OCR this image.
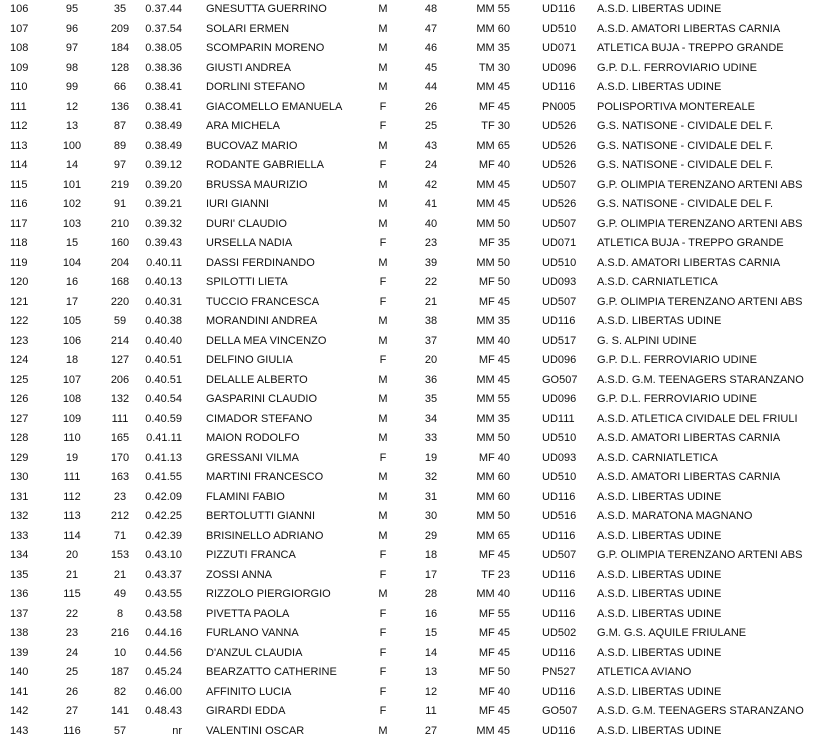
106	95	35	0.37.44 GNESUTTA GUERRINO	M	48	MM 55	UD116	A.S.D. LIBERTAS UDINE
107	96	209	0.37.54 SOLARI ERMEN	M	47	MM 60	UD510	A.S.D. AMATORI LIBERTAS CARNIA
108	97	184	0.38.05 SCOMPARIN MORENO	M	46	MM 35	UD071	ATLETICA BUJA - TREPPO GRANDE
109	98	128	0.38.36 GIUSTI ANDREA	M	45	TM 30	UD096	G.P. D.L. FERROVIARIO UDINE
110	99	66	0.38.41 DORLINI STEFANO	M	44	MM 45	UD116	A.S.D. LIBERTAS UDINE
111	12	136	0.38.41 GIACOMELLO EMANUELA	F	26	MF 45	PN005	POLISPORTIVA MONTEREALE
112	13	87	0.38.49 ARA MICHELA	F	25	TF 30	UD526	G.S. NATISONE - CIVIDALE DEL F.
113	100	89	0.38.49 BUCOVAZ MARIO	M	43	MM 65	UD526	G.S. NATISONE - CIVIDALE DEL F.
114	14	97	0.39.12 RODANTE GABRIELLA	F	24	MF 40	UD526	G.S. NATISONE - CIVIDALE DEL F.
115	101	219	0.39.20 BRUSSA MAURIZIO	M	42	MM 45	UD507	G.P. OLIMPIA TERENZANO ARTENI ABS
116	102	91	0.39.21 IURI GIANNI	M	41	MM 45	UD526	G.S. NATISONE - CIVIDALE DEL F.
117	103	210	0.39.32 DURI' CLAUDIO	M	40	MM 50	UD507	G.P. OLIMPIA TERENZANO ARTENI ABS
118	15	160	0.39.43 URSELLA NADIA	F	23	MF 35	UD071	ATLETICA BUJA - TREPPO GRANDE
119	104	204	0.40.11 DASSI FERDINANDO	M	39	MM 50	UD510	A.S.D. AMATORI LIBERTAS CARNIA
120	16	168	0.40.13 SPILOTTI LIETA	F	22	MF 50	UD093	A.S.D. CARNIATLETICA
121	17	220	0.40.31 TUCCIO FRANCESCA	F	21	MF 45	UD507	G.P. OLIMPIA TERENZANO ARTENI ABS
122	105	59	0.40.38 MORANDINI ANDREA	M	38	MM 35	UD116	A.S.D. LIBERTAS UDINE
123	106	214	0.40.40 DELLA MEA VINCENZO	M	37	MM 40	UD517	G. S. ALPINI UDINE
124	18	127	0.40.51 DELFINO GIULIA	F	20	MF 45	UD096	G.P. D.L. FERROVIARIO UDINE
125	107	206	0.40.51 DELALLE ALBERTO	M	36	MM 45	GO507	A.S.D. G.M. TEENAGERS STARANZANO
126	108	132	0.40.54 GASPARINI CLAUDIO	M	35	MM 55	UD096	G.P. D.L. FERROVIARIO UDINE
127	109	111	0.40.59 CIMADOR STEFANO	M	34	MM 35	UD111	A.S.D. ATLETICA CIVIDALE DEL FRIULI
128	110	165	0.41.11 MAION RODOLFO	M	33	MM 50	UD510	A.S.D. AMATORI LIBERTAS CARNIA
129	19	170	0.41.13 GRESSANI VILMA	F	19	MF 40	UD093	A.S.D. CARNIATLETICA
130	111	163	0.41.55 MARTINI FRANCESCO	M	32	MM 60	UD510	A.S.D. AMATORI LIBERTAS CARNIA
131	112	23	0.42.09 FLAMINI FABIO	M	31	MM 60	UD116	A.S.D. LIBERTAS UDINE
132	113	212	0.42.25 BERTOLUTTI GIANNI	M	30	MM 50	UD516	A.S.D. MARATONA MAGNANO
133	114	71	0.42.39 BRISINELLO ADRIANO	M	29	MM 65	UD116	A.S.D. LIBERTAS UDINE
134	20	153	0.43.10 PIZZUTI FRANCA	F	18	MF 45	UD507	G.P. OLIMPIA TERENZANO ARTENI ABS
135	21	21	0.43.37 ZOSSI ANNA	F	17	TF 23	UD116	A.S.D. LIBERTAS UDINE
136	115	49	0.43.55 RIZZOLO PIERGIORGIO	M	28	MM 40	UD116	A.S.D. LIBERTAS UDINE
137	22	8	0.43.58 PIVETTA PAOLA	F	16	MF 55	UD116	A.S.D. LIBERTAS UDINE
138	23	216	0.44.16 FURLANO VANNA	F	15	MF 45	UD502	G.M. G.S. AQUILE FRIULANE
139	24	10	0.44.56 D'ANZUL CLAUDIA	F	14	MF 45	UD116	A.S.D. LIBERTAS UDINE
140	25	187	0.45.24 BEARZATTO CATHERINE	F	13	MF 50	PN527	ATLETICA AVIANO
141	26	82	0.46.00 AFFINITO LUCIA	F	12	MF 40	UD116	A.S.D. LIBERTAS UDINE
142	27	141	0.48.43 GIRARDI EDDA	F	11	MF 45	GO507	A.S.D. G.M. TEENAGERS STARANZANO
143	116	57	nr VALENTINI OSCAR	M	27	MM 45	UD116	A.S.D. LIBERTAS UDINE
